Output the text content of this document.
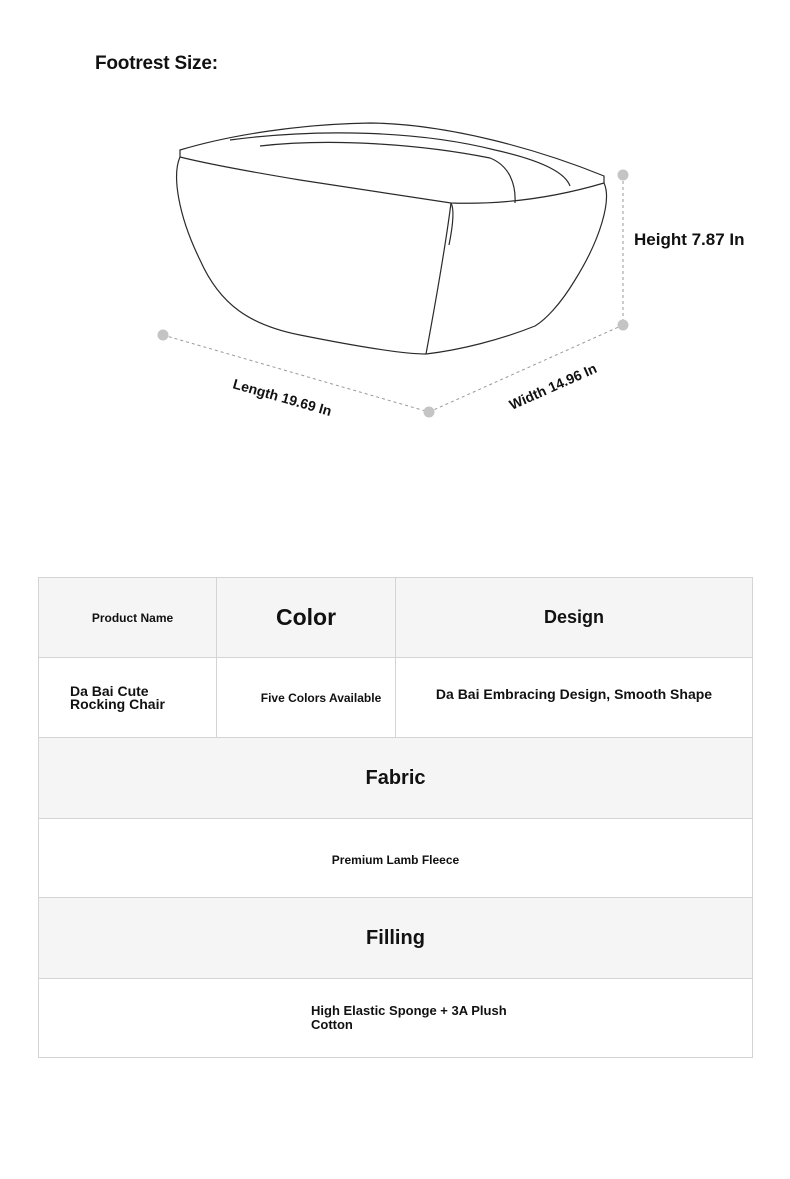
Footrest Size:
Height 7.87 In
Length 19.69 In	Width 14.96 In
Product Name	Color	Design

Da Bai Cute Rocking Chair	Five Colors Available	Da Bai Embracing Design, Smooth Shape
Fabric		
Premium Lamb Fleece		
Filling		

High Elastic Sponge + 3A Plush Cotton		
